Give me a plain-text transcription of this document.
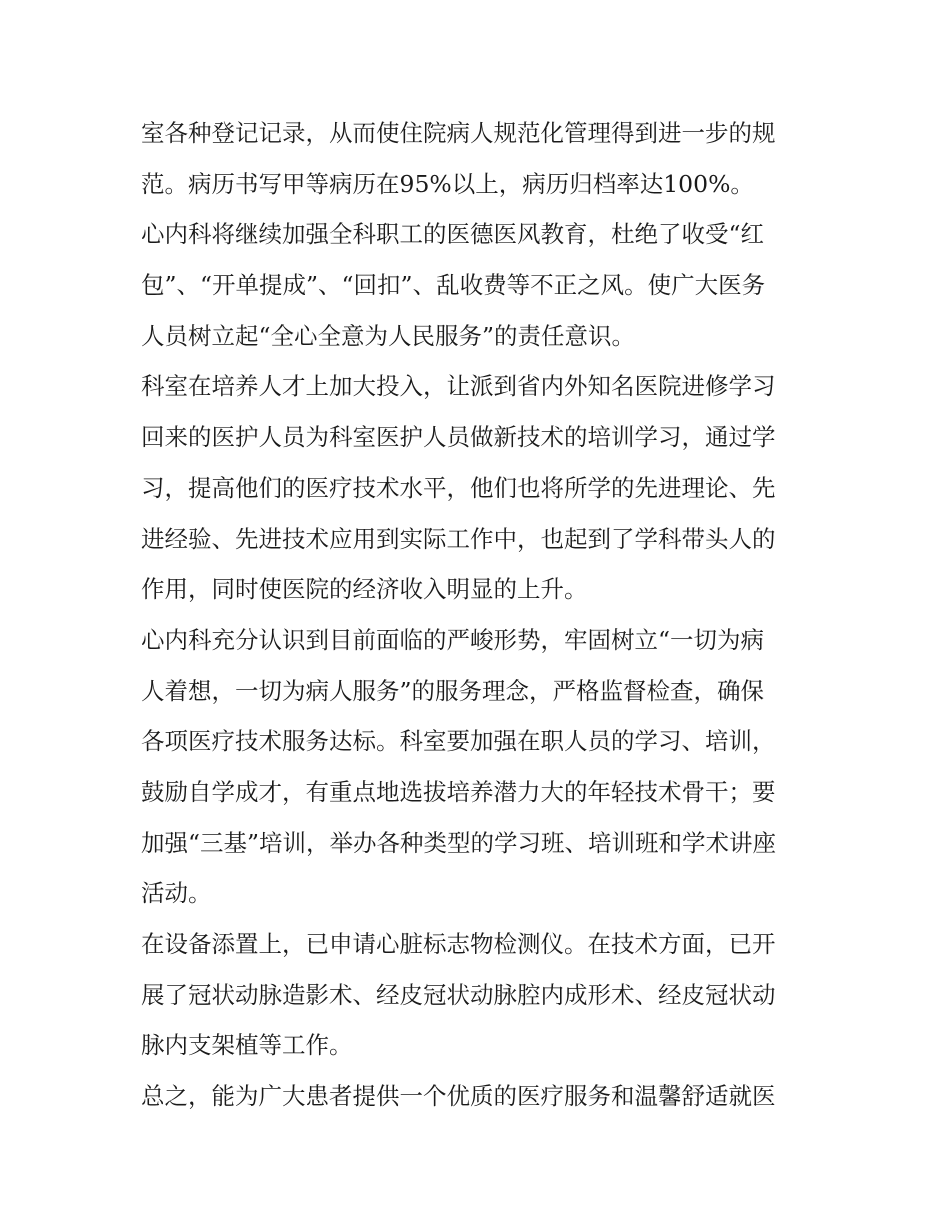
室各种登记记录，从而使住院病人规范化管理得到进一步的规
范。病历书写甲等病历在95%以上，病历归档率达100%。
心内科将继续加强全科职工的医德医风教育，杜绝了收受“红
包”、“开单提成”、“回扣”、乱收费等不正之风。使广大医务
人员树立起“全心全意为人民服务”的责任意识。
科室在培养人才上加大投入，让派到省内外知名医院进修学习
回来的医护人员为科室医护人员做新技术的培训学习，通过学
习，提高他们的医疗技术水平，他们也将所学的先进理论、先
进经验、先进技术应用到实际工作中，也起到了学科带头人的
作用，同时使医院的经济收入明显的上升。
心内科充分认识到目前面临的严峻形势，牢固树立“一切为病
人着想，一切为病人服务”的服务理念，严格监督检查，确保
各项医疗技术服务达标。科室要加强在职人员的学习、培训，
鼓励自学成才，有重点地选拔培养潜力大的年轻技术骨干；要
加强“三基”培训，举办各种类型的学习班、培训班和学术讲座
活动。
在设备添置上，已申请心脏标志物检测仪。在技术方面，已开
展了冠状动脉造影术、经皮冠状动脉腔内成形术、经皮冠状动
脉内支架植等工作。
总之，能为广大患者提供一个优质的医疗服务和温馨舒适就医
